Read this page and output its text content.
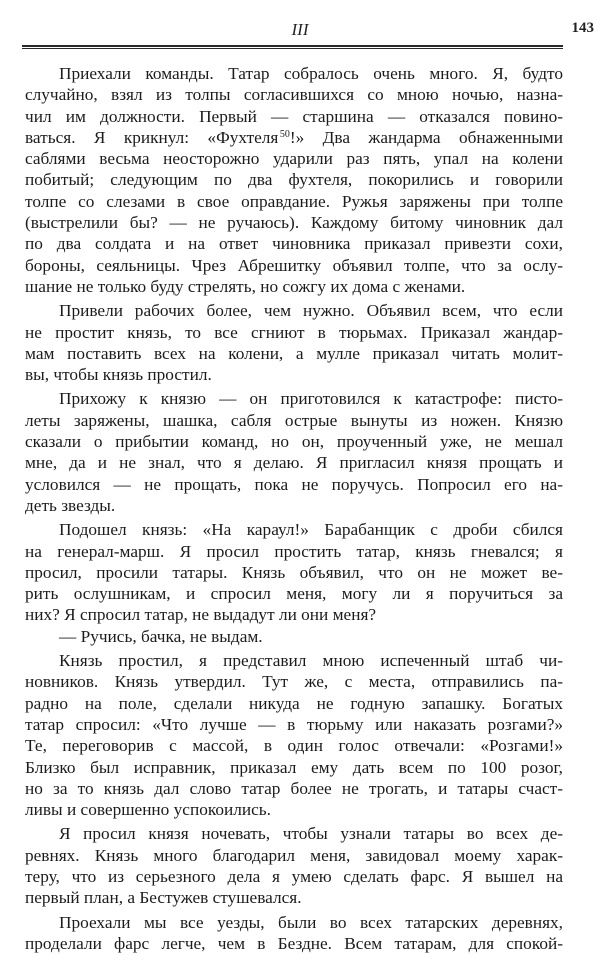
III	143
Приехали команды. Татар собралось очень много. Я, будто
случайно, взял из толпы согласившихся со мною ночью, назна-
чил им должности. Первый — старшина — отказался повино-
ваться. Я крикнул: «Фухтеля $^{50}$!» Два жандарма обнаженными
саблями весьма неосторожно ударили раз пять, упал на колени
побитый; следующим по два фухтеля, покорились и говорили
толпе со слезами в свое оправдание. Ружья заряжены при толпе
(выстрелили бы? — не ручаюсь). Каждому битому чиновник дал
по два солдата и на ответ чиновника приказал привезти сохи,
бороны, сеяльницы. Чрез Абрешитку объявил толпе, что за ослу-
шание не только буду стрелять, но сожгу их дома с женами.
Привели рабочих более, чем нужно. Объявил всем, что если
не простит князь, то все сгниют в тюрьмах. Приказал жандар-
мам поставить всех на колени, а мулле приказал читать молит-
вы, чтобы князь простил.
Прихожу к князю — он приготовился к катастрофе: писто-
леты заряжены, шашка, сабля острые вынуты из ножен. Князю
сказали о прибытии команд, но он, проученный уже, не мешал
мне, да и не знал, что я делаю. Я пригласил князя прощать и
условился — не прощать, пока не поручусь. Попросил его на-
деть звезды.
Подошел князь: «На караул!» Барабанщик с дроби сбился
на генерал-марш. Я просил простить татар, князь гневался; я
просил, просили татары. Князь объявил, что он не может ве-
рить ослушникам, и спросил меня, могу ли я поручиться за
них? Я спросил татар, не выдадут ли они меня?
— Ручись, бачка, не выдам.
Князь простил, я представил мною испеченный штаб чи-
новников. Князь утвердил. Тут же, с места, отправились па-
радно на поле, сделали никуда не годную запашку. Богатых
татар спросил: «Что лучше — в тюрьму или наказать розгами?»
Те, переговорив с массой, в один голос отвечали: «Розгами!»
Близко был исправник, приказал ему дать всем по 100 розог,
но за то князь дал слово татар более не трогать, и татары счаст-
ливы и совершенно успокоились.
Я просил князя ночевать, чтобы узнали татары во всех де-
ревнях. Князь много благодарил меня, завидовал моему харак-
теру, что из серьезного дела я умею сделать фарс. Я вышел на
первый план, а Бестужев стушевался.
Проехали мы все уезды, были во всех татарских деревнях,
проделали фарс легче, чем в Бездне. Всем татарам, для спокой-
